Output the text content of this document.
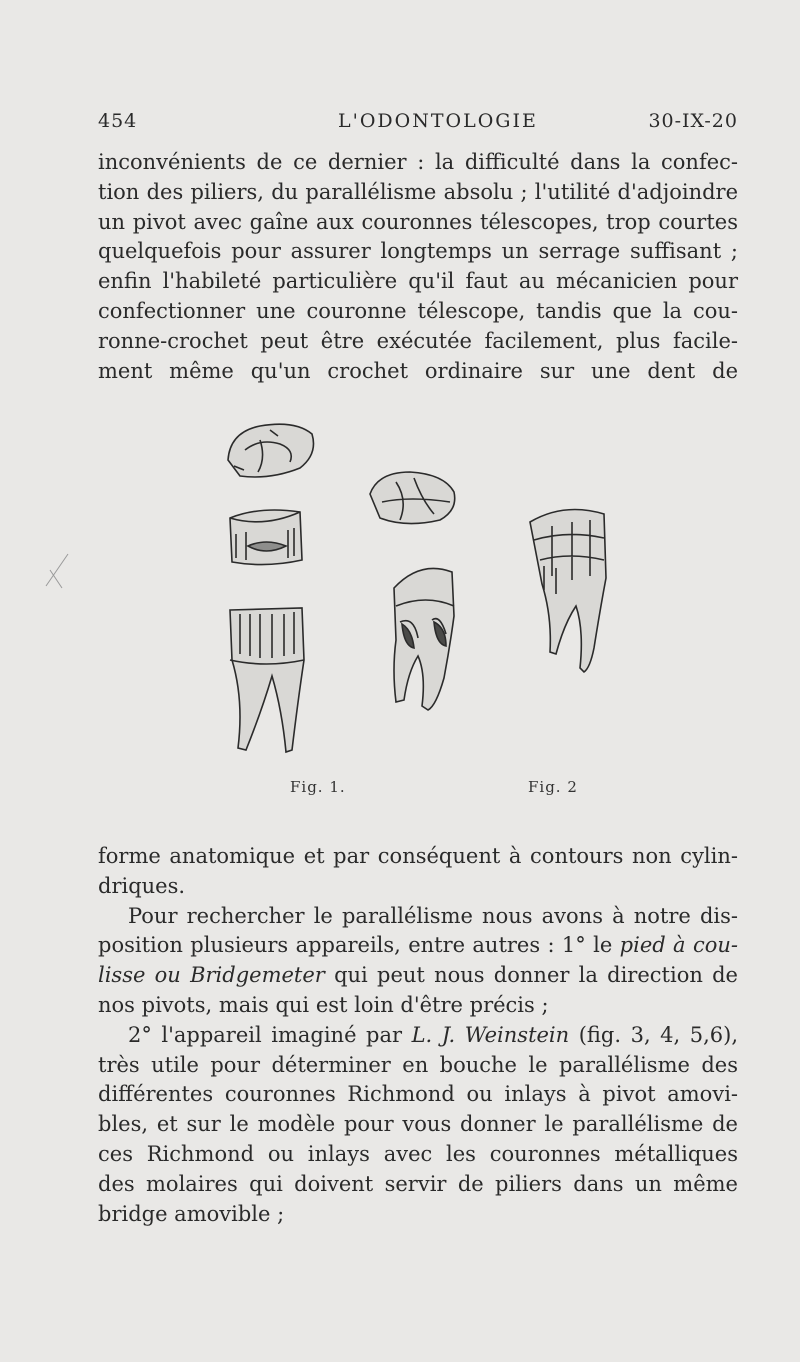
454	L'ODONTOLOGIE	30-IX-20
inconvénients de ce dernier : la difficulté dans la confec-
tion des piliers, du parallélisme absolu ; l'utilité d'adjoindre
un pivot avec gaîne aux couronnes télescopes, trop courtes
quelquefois pour assurer longtemps un serrage suffisant ;
enfin l'habileté particulière qu'il faut au mécanicien pour
confectionner une couronne télescope, tandis que la cou-
ronne-crochet peut être exécutée facilement, plus facile-
ment même qu'un crochet ordinaire sur une dent de
Fig. 1.	Fig. 2
forme anatomique et par conséquent à contours non cylin-
driques.
Pour rechercher le parallélisme nous avons à notre dis-
position plusieurs appareils, entre autres : 1° le pied à cou-
lisse ou Bridgemeter qui peut nous donner la direction de
nos pivots, mais qui est loin d'être précis ;
2° l'appareil imaginé par L. J. Weinstein (fig. 3, 4, 5,6),
très utile pour déterminer en bouche le parallélisme des
différentes couronnes Richmond ou inlays à pivot amovi-
bles, et sur le modèle pour vous donner le parallélisme de
ces Richmond ou inlays avec les couronnes métalliques
des molaires qui doivent servir de piliers dans un même
bridge amovible ;
